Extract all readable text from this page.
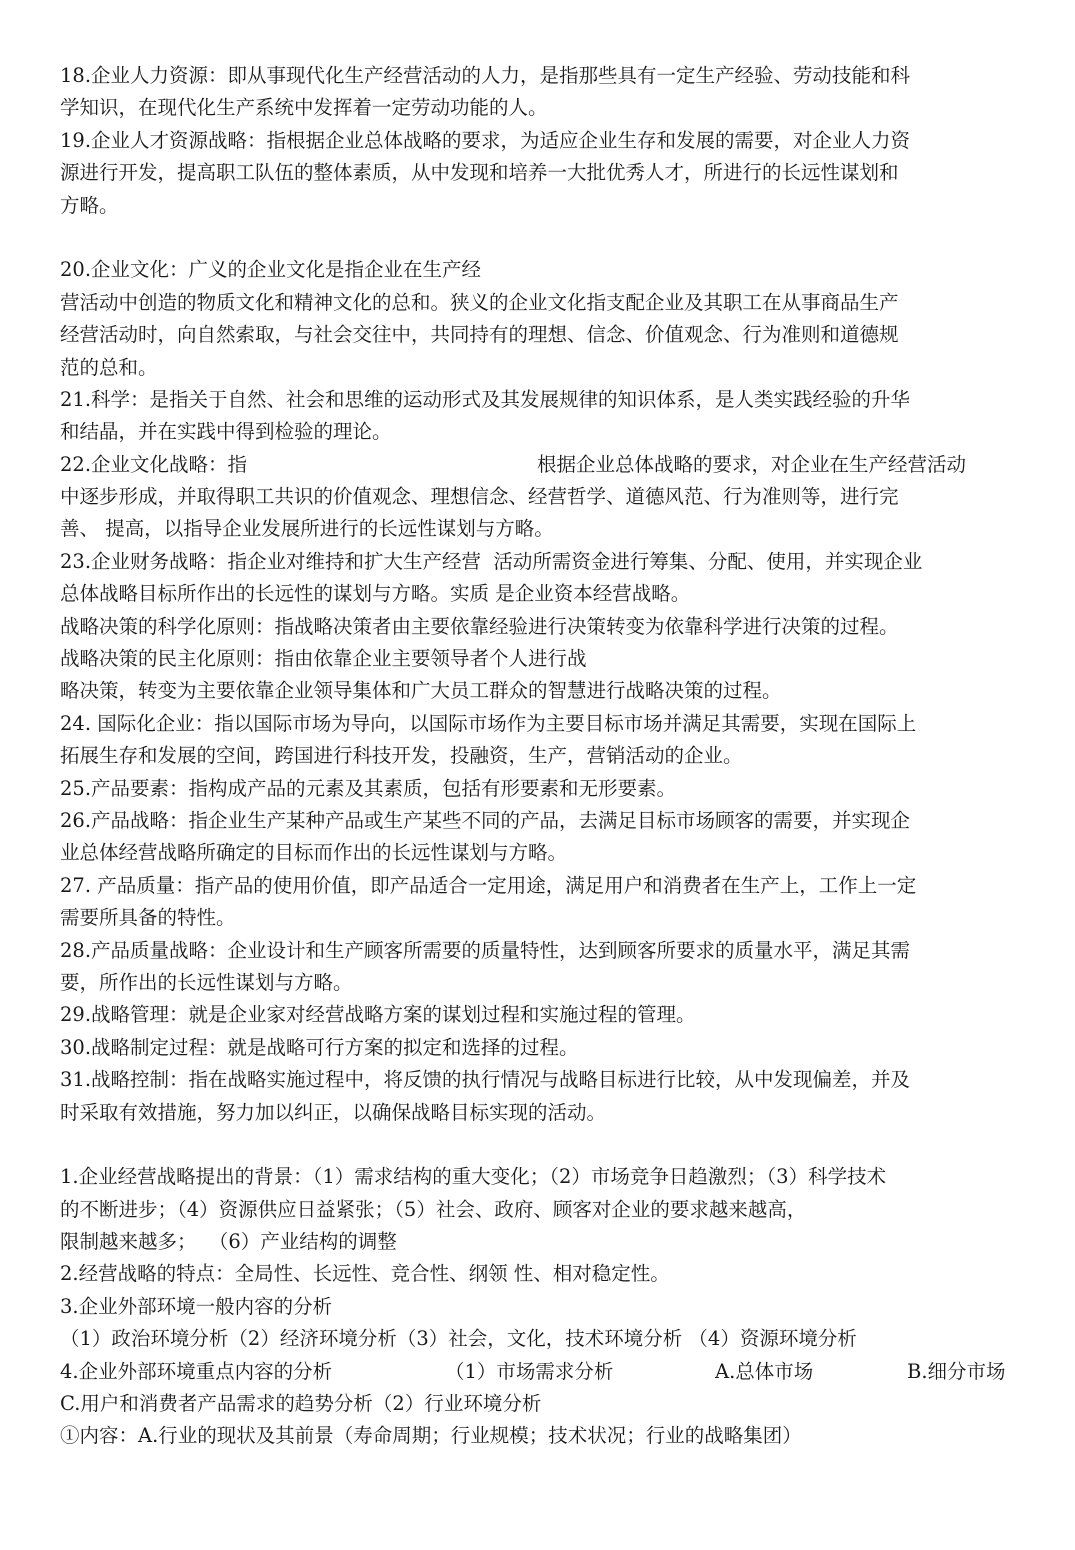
18.企业人力资源：即从事现代化生产经营活动的人力，是指那些具有一定生产经验、劳动技能和科
学知识，在现代化生产系统中发挥着一定劳动功能的人。
19.企业人才资源战略：指根据企业总体战略的要求，为适应企业生存和发展的需要，对企业人力资
源进行开发，提高职工队伍的整体素质，从中发现和培养一大批优秀人才，所进行的长远性谋划和
方略。
20.企业文化：广义的企业文化是指企业在生产经
营活动中创造的物质文化和精神文化的总和。狭义的企业文化指支配企业及其职工在从事商品生产
经营活动时，向自然索取，与社会交往中，共同持有的理想、信念、价值观念、行为准则和道德规
范的总和。
21.科学：是指关于自然、社会和思维的运动形式及其发展规律的知识体系，是人类实践经验的升华
和结晶，并在实践中得到检验的理论。

22.企业文化战略：指

	根据企业总体战略的要求，对企业在生产经营活动

中逐步形成，并取得职工共识的价值观念、理想信念、经营哲学、道德风范、行为准则等，进行完
善、 提高，以指导企业发展所进行的长远性谋划与方略。
23.企业财务战略：指企业对维持和扩大生产经营  活动所需资金进行筹集、分配、使用，并实现企业
总体战略目标所作出的长远性的谋划与方略。实质 是企业资本经营战略。
战略决策的科学化原则：指战略决策者由主要依靠经验进行决策转变为依靠科学进行决策的过程。
战略决策的民主化原则：指由依靠企业主要领导者个人进行战
略决策，转变为主要依靠企业领导集体和广大员工群众的智慧进行战略决策的过程。
24. 国际化企业：指以国际市场为导向，以国际市场作为主要目标市场并满足其需要，实现在国际上
拓展生存和发展的空间，跨国进行科技开发，投融资，生产，营销活动的企业。
25.产品要素：指构成产品的元素及其素质，包括有形要素和无形要素。
26.产品战略：指企业生产某种产品或生产某些不同的产品，去满足目标市场顾客的需要，并实现企
业总体经营战略所确定的目标而作出的长远性谋划与方略。
27. 产品质量：指产品的使用价值，即产品适合一定用途，满足用户和消费者在生产上，工作上一定
需要所具备的特性。
28.产品质量战略：企业设计和生产顾客所需要的质量特性，达到顾客所要求的质量水平，满足其需
要，所作出的长远性谋划与方略。
29.战略管理：就是企业家对经营战略方案的谋划过程和实施过程的管理。
30.战略制定过程：就是战略可行方案的拟定和选择的过程。
31.战略控制：指在战略实施过程中，将反馈的执行情况与战略目标进行比较，从中发现偏差，并及
时采取有效措施，努力加以纠正，以确保战略目标实现的活动。
1.企业经营战略提出的背景：（1）需求结构的重大变化；（2）市场竞争日趋激烈；（3）科学技术
的不断进步；（4）资源供应日益紧张；（5）社会、政府、顾客对企业的要求越来越高，
限制越来越多；  （6）产业结构的调整
2.经营战略的特点：全局性、长远性、竞合性、纲领 性、相对稳定性。
3.企业外部环境一般内容的分析
（1）政治环境分析（2）经济环境分析（3）社会，文化，技术环境分析 （4）资源环境分析

4.企业外部环境重点内容的分析

	（1）市场需求分析

	A.总体市场

	B.细分市场

C.用户和消费者产品需求的趋势分析（2）行业环境分析
①内容：A.行业的现状及其前景（寿命周期；行业规模；技术状况；行业的战略集团）
